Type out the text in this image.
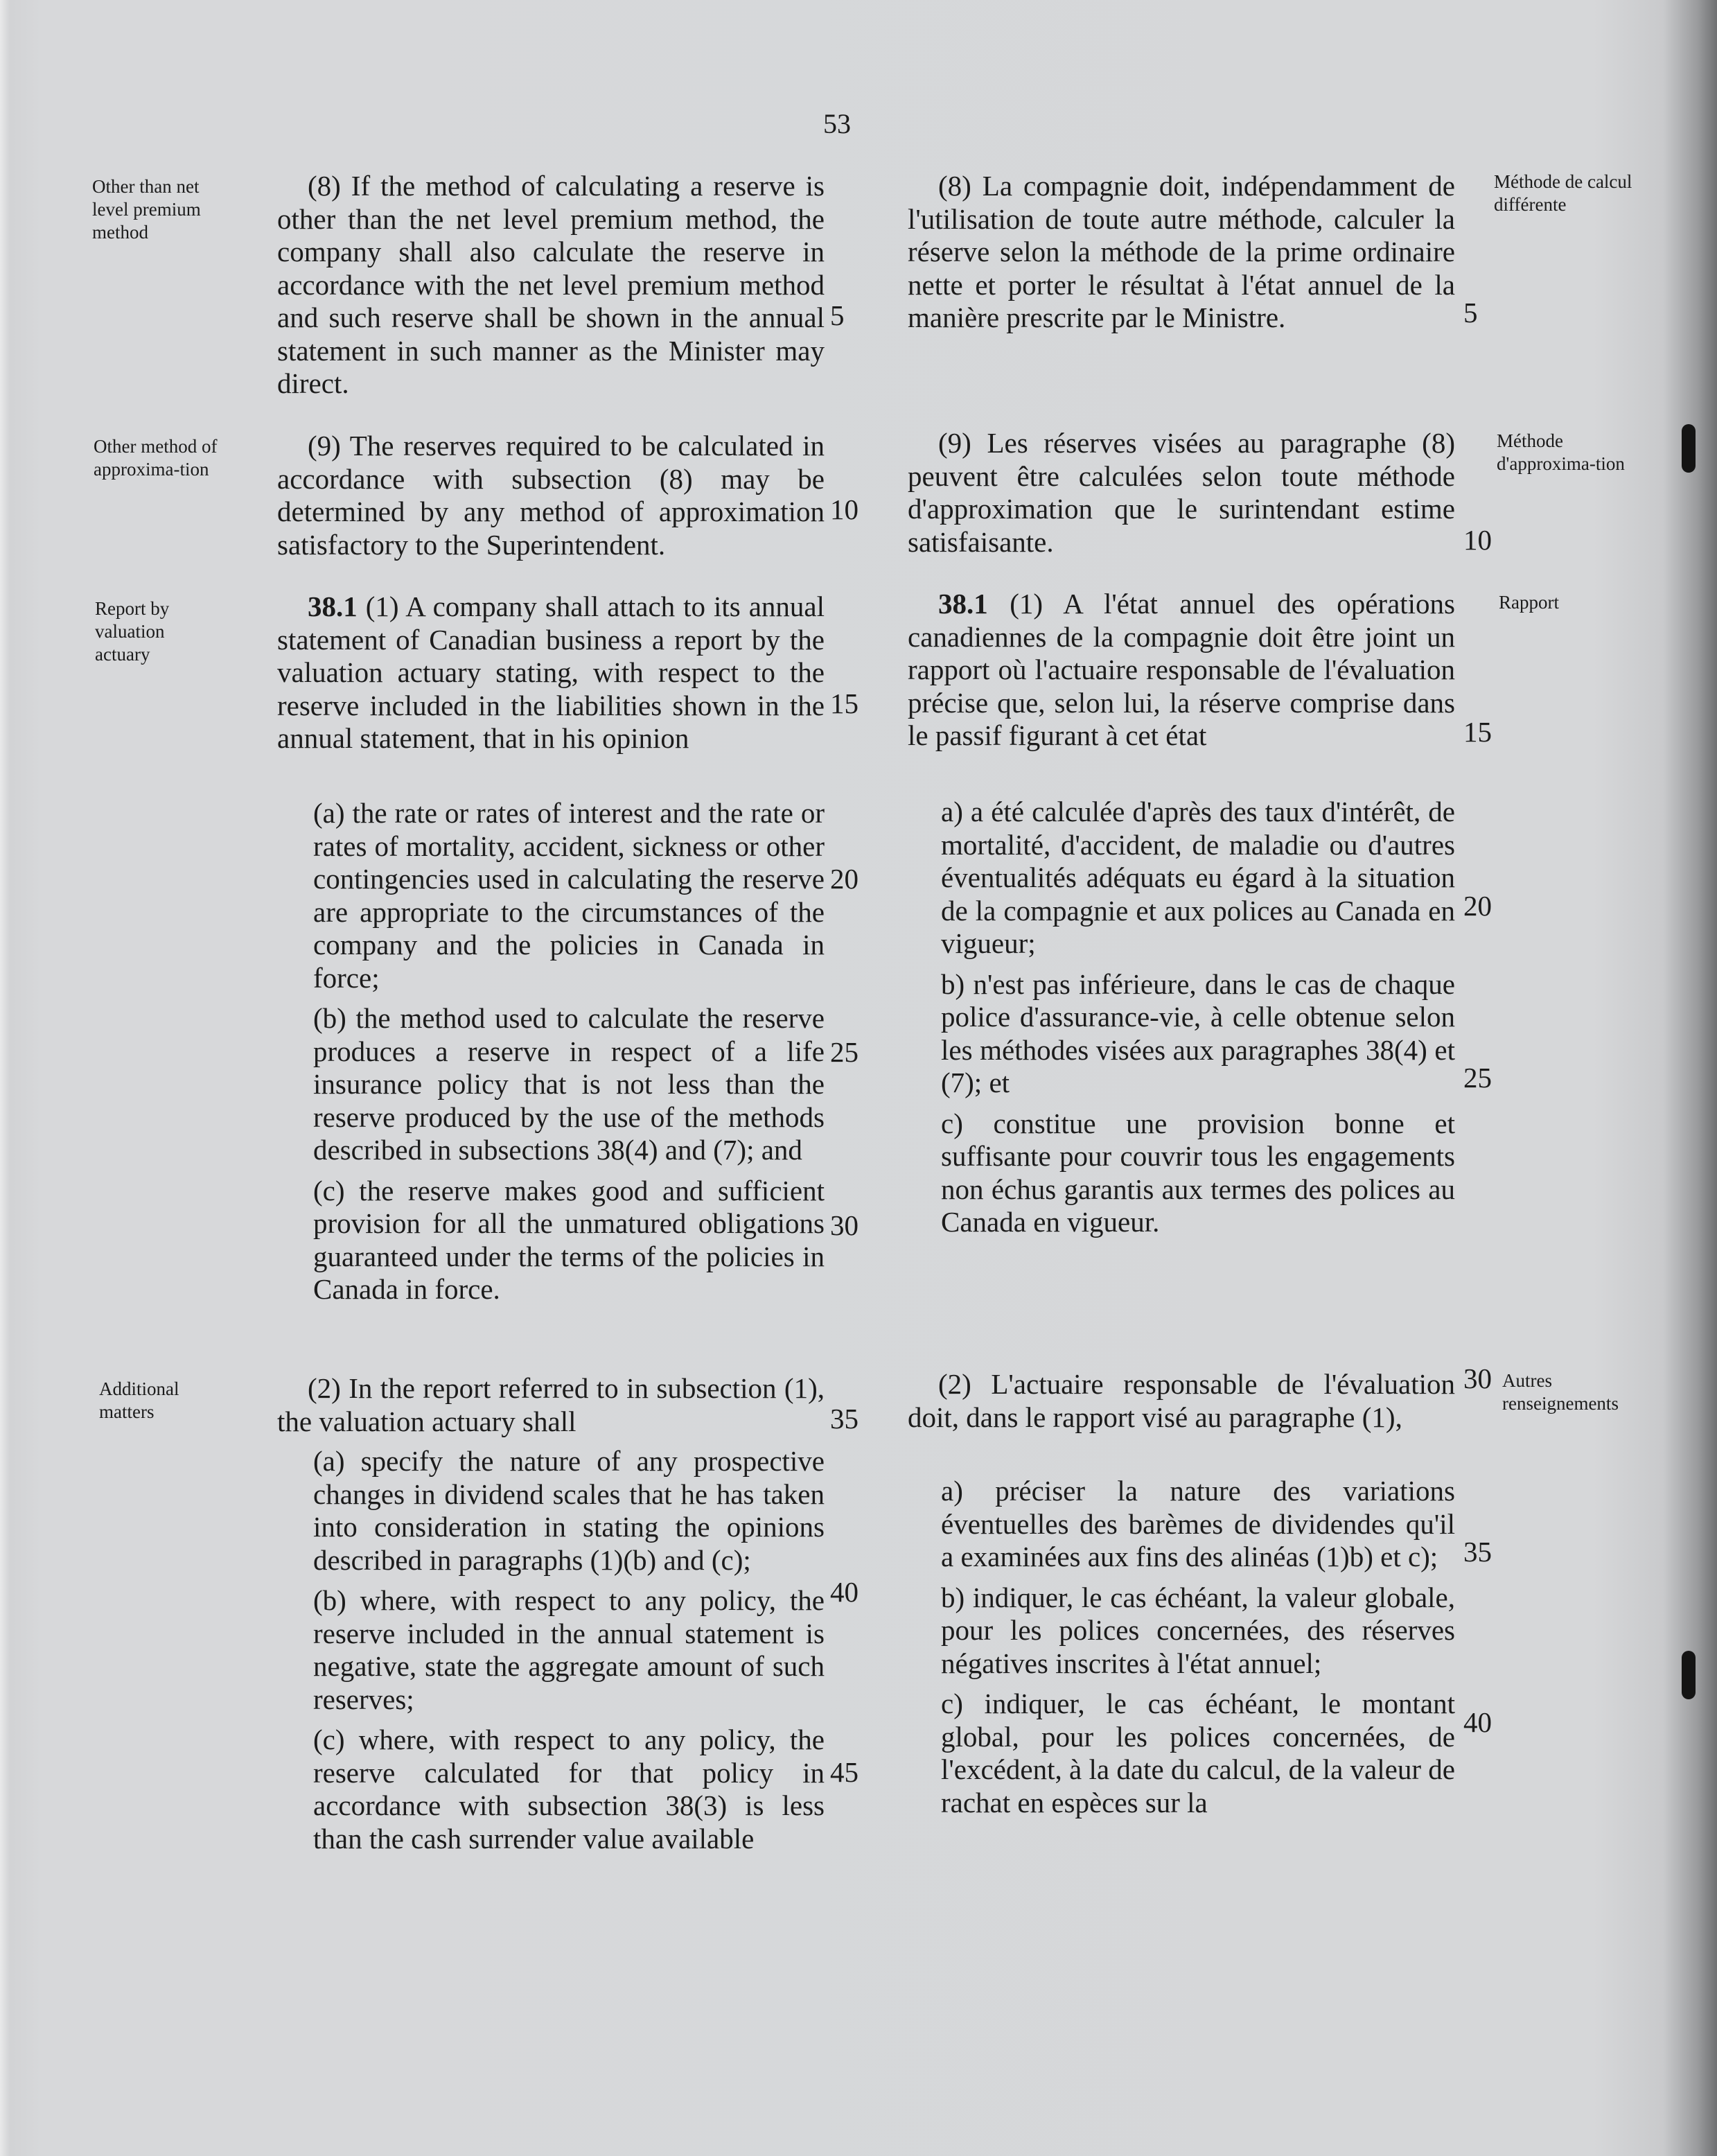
53
Other than net level premium method
Other method of approxima-tion
Report by valuation actuary
Additional matters
Méthode de calcul différente
Méthode d'approxima-tion
Rapport
Autres renseignements
(8) If the method of calculating a reserve is other than the net level premium method, the company shall also calculate the reserve in accordance with the net level premium method and such reserve shall be shown in the annual statement in such manner as the Minister may direct.
(9) The reserves required to be calculated in accordance with subsection (8) may be determined by any method of approximation satisfactory to the Superintendent.
38.1 (1) A company shall attach to its annual statement of Canadian business a report by the valuation actuary stating, with respect to the reserve included in the liabilities shown in the annual statement, that in his opinion
(a) the rate or rates of interest and the rate or rates of mortality, accident, sickness or other contingencies used in calculating the reserve are appropriate to the circumstances of the company and the policies in Canada in force;
(b) the method used to calculate the reserve produces a reserve in respect of a life insurance policy that is not less than the reserve produced by the use of the methods described in subsections 38(4) and (7); and
(c) the reserve makes good and sufficient provision for all the unmatured obligations guaranteed under the terms of the policies in Canada in force.
(2) In the report referred to in subsection (1), the valuation actuary shall
(a) specify the nature of any prospective changes in dividend scales that he has taken into consideration in stating the opinions described in paragraphs (1)(b) and (c);
(b) where, with respect to any policy, the reserve included in the annual statement is negative, state the aggregate amount of such reserves;
(c) where, with respect to any policy, the reserve calculated for that policy in accordance with subsection 38(3) is less than the cash surrender value available
(8) La compagnie doit, indépendamment de l'utilisation de toute autre méthode, calculer la réserve selon la méthode de la prime ordinaire nette et porter le résultat à l'état annuel de la manière prescrite par le Ministre.
(9) Les réserves visées au paragraphe (8) peuvent être calculées selon toute méthode d'approximation que le surintendant estime satisfaisante.
38.1 (1) A l'état annuel des opérations canadiennes de la compagnie doit être joint un rapport où l'actuaire responsable de l'évaluation précise que, selon lui, la réserve comprise dans le passif figurant à cet état
a) a été calculée d'après des taux d'intérêt, de mortalité, d'accident, de maladie ou d'autres éventualités adéquats eu égard à la situation de la compagnie et aux polices au Canada en vigueur;
b) n'est pas inférieure, dans le cas de chaque police d'assurance-vie, à celle obtenue selon les méthodes visées aux paragraphes 38(4) et (7); et
c) constitue une provision bonne et suffisante pour couvrir tous les engagements non échus garantis aux termes des polices au Canada en vigueur.
(2) L'actuaire responsable de l'évaluation doit, dans le rapport visé au paragraphe (1),
a) préciser la nature des variations éventuelles des barèmes de dividendes qu'il a examinées aux fins des alinéas (1)b) et c);
b) indiquer, le cas échéant, la valeur globale, pour les polices concernées, des réserves négatives inscrites à l'état annuel;
c) indiquer, le cas échéant, le montant global, pour les polices concernées, de l'excédent, à la date du calcul, de la valeur de rachat en espèces sur la
5
10
15
20
25
30
35
40
45
5
10
15
20
25
30
35
40
